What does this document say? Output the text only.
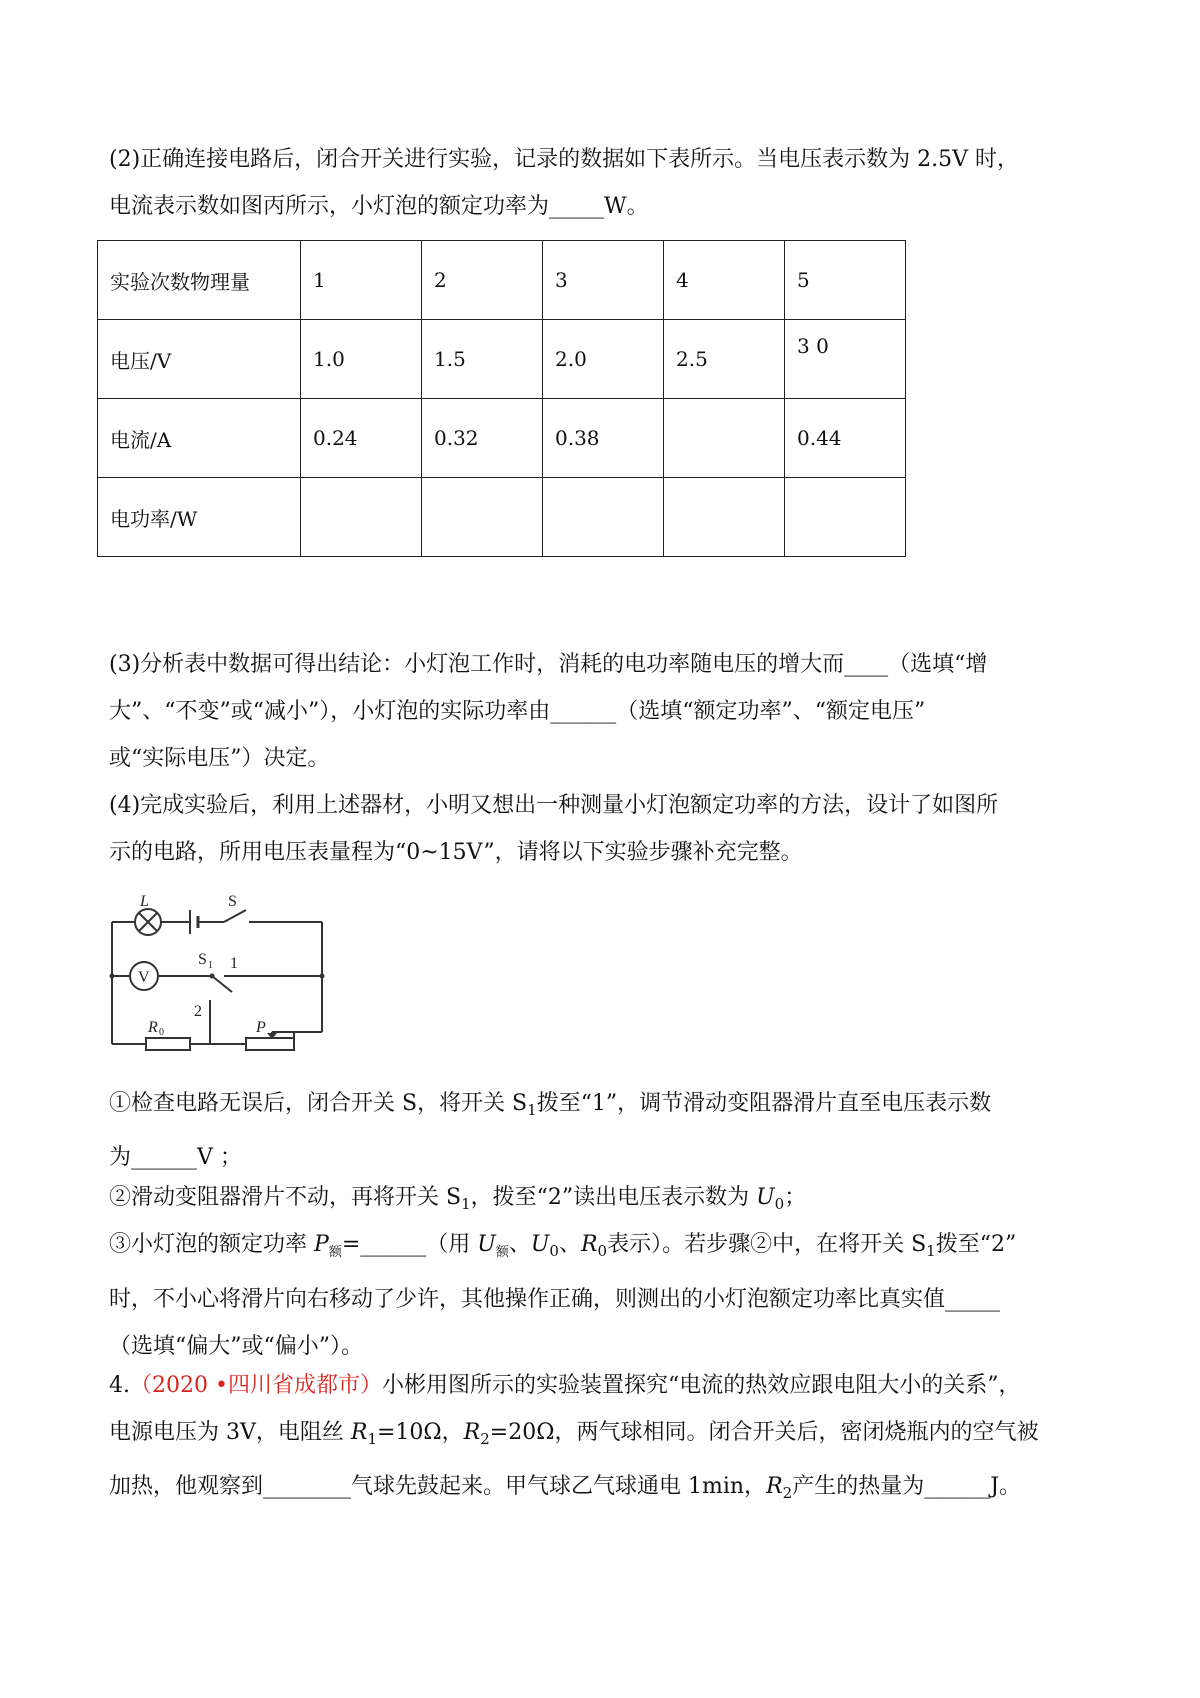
(2)正确连接电路后，闭合开关进行实验，记录的数据如下表所示。当电压表示数为 2.5V 时，
电流表示数如图丙所示，小灯泡的额定功率为_____W。

实验次数物理量	1	2	3	4	5
电压/V	1.0	1.5	2.0	2.5	3 0
电流/A	0.24	0.32	0.38		0.44
电功率/W					

(3)分析表中数据可得出结论：小灯泡工作时，消耗的电功率随电压的增大而____（选填“增
大”、“不变”或“减小”），小灯泡的实际功率由______（选填“额定功率”、“额定电压”
或“实际电压”）决定。

(4)完成实验后，利用上述器材，小明又想出一种测量小灯泡额定功率的方法，设计了如图所
示的电路，所用电压表量程为“0~15V”，请将以下实验步骤补充完整。

L	S
V
S 1 1
2
R 0	P

①检查电路无误后，闭合开关 S，将开关 $S_1$拨至“1”，调节滑动变阻器滑片直至电压表示数
为______V ；

②滑动变阻器滑片不动，再将开关 $S_1$，拨至“2”读出电压表示数为 $U_0$；

③小灯泡的额定功率 $P_额=\_\_\_\_\_\_$（用 $U_额$、$U_0$、$R_0$表示）。若步骤②中，在将开关 $S_1$拨至“2”
时，不小心将滑片向右移动了少许，其他操作正确，则测出的小灯泡额定功率比真实值_____
（选填“偏大”或“偏小”）。

4.（2020 •四川省成都市）小彬用图所示的实验装置探究“电流的热效应跟电阻大小的关系”，
电源电压为 3V，电阻丝 $R_1=10\Omega$，$R_2=20\Omega$，两气球相同。闭合开关后，密闭烧瓶内的空气被
加热，他观察到________气球先鼓起来。甲气球乙气球通电 1min，$R_2$产生的热量为______J。
